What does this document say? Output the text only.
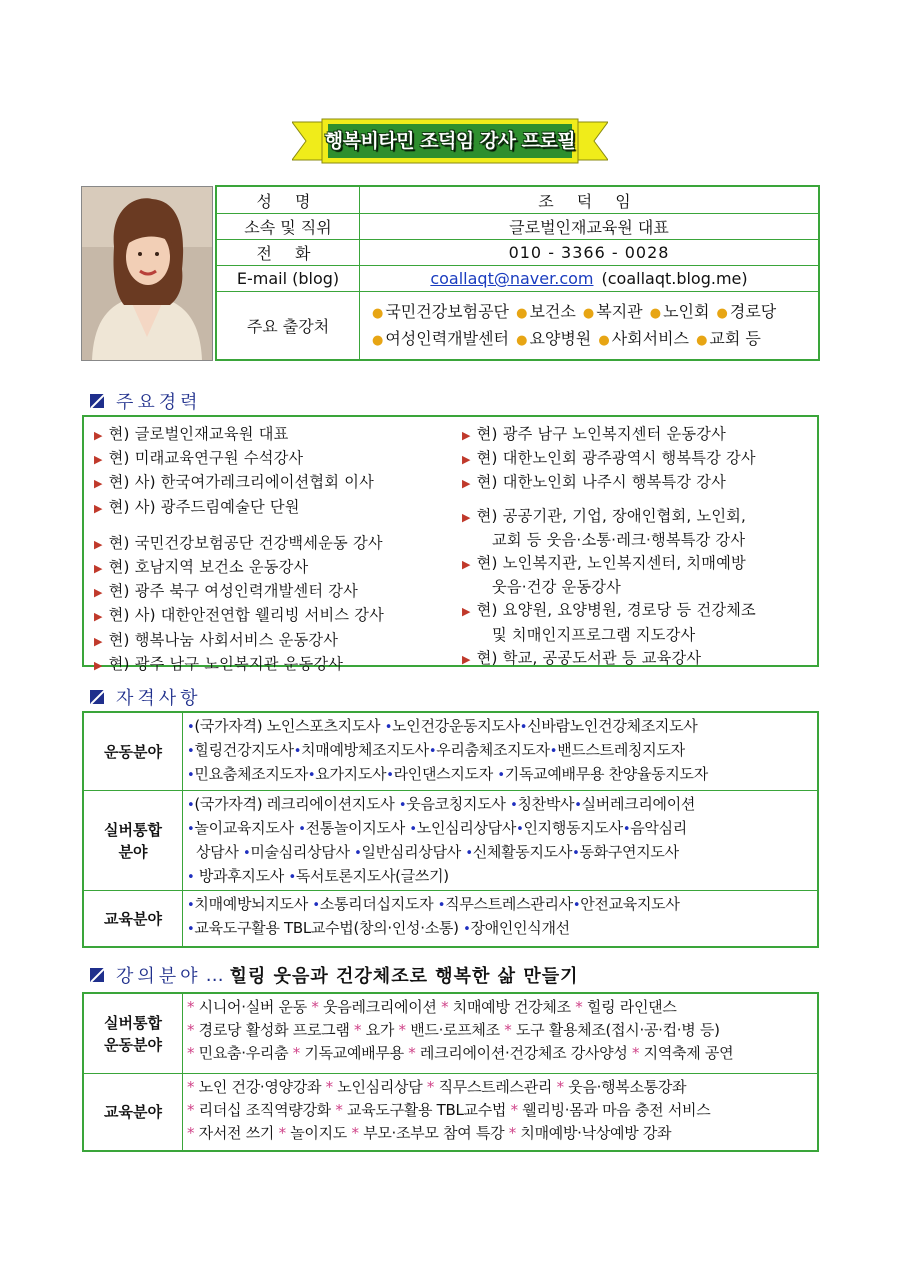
행복비타민 조덕임 강사 프로필
성 명	조 덕 임
소속 및 직위	글로벌인재교육원 대표
전 화	010 - 3366 - 0028
E-mail (blog)	coallaqt@naver.com (coallaqt.blog.me)
주요 출강처
● 국민건강보험공단 ● 보건소 ● 복지관 ● 노인회 ● 경로당
● 여성인력개발센터 ● 요양병원 ● 사회서비스 ● 교회 등
주요경력
▶ 현) 글로벌인재교육원 대표
▶ 현) 미래교육연구원 수석강사
▶ 현) 사) 한국여가레크리에이션협회 이사
▶ 현) 사) 광주드림예술단 단원
▶ 현) 국민건강보험공단 건강백세운동 강사
▶ 현) 호남지역 보건소 운동강사
▶ 현) 광주 북구 여성인력개발센터 강사
▶ 현) 사) 대한안전연합 웰리빙 서비스 강사
▶ 현) 행복나눔 사회서비스 운동강사
▶ 현) 광주 남구 노인복지관 운동강사
▶ 현) 광주 남구 노인복지센터 운동강사
▶ 현) 대한노인회 광주광역시 행복특강 강사
▶ 현) 대한노인회 나주시 행복특강 강사
▶ 현) 공공기관, 기업, 장애인협회, 노인회,
교회 등 웃음·소통·레크·행복특강 강사
▶ 현) 노인복지관, 노인복지센터, 치매예방
웃음·건강 운동강사
▶ 현) 요양원, 요양병원, 경로당 등 건강체조
및 치매인지프로그램 지도강사
▶ 현) 학교, 공공도서관 등 교육강사
자격사항
운동분야
•(국가자격) 노인스포츠지도사 •노인건강운동지도사•신바람노인건강체조지도사
•힐링건강지도사•치매예방체조지도사•우리춤체조지도자•밴드스트레칭지도자
•민요춤체조지도자•요가지도사•라인댄스지도자 •기독교예배무용 찬양율동지도자
실버통합
분야
•(국가자격) 레크리에이션지도사 •웃음코칭지도사 •칭찬박사•실버레크리에이션
•놀이교육지도사 •전통놀이지도사 •노인심리상담사•인지행동지도사•음악심리
상담사 •미술심리상담사 •일반심리상담사 •신체활동지도사•동화구연지도사
• 방과후지도사 •독서토론지도사(글쓰기)
교육분야
•치매예방뇌지도사 •소통리더십지도자 •직무스트레스관리사•안전교육지도사
•교육도구활용 TBL교수법(창의·인성·소통) •장애인인식개선
강의분야 … 힐링 웃음과 건강체조로 행복한 삶 만들기
실버통합
운동분야
* 시니어·실버 운동 * 웃음레크리에이션 * 치매예방 건강체조 * 힐링 라인댄스
* 경로당 활성화 프로그램 * 요가 * 밴드·로프체조 * 도구 활용체조(접시·공·컵·병 등)
* 민요춤·우리춤 * 기독교예배무용 * 레크리에이션·건강체조 강사양성 * 지역축제 공연
교육분야
* 노인 건강·영양강좌 * 노인심리상담 * 직무스트레스관리 * 웃음·행복소통강좌
* 리더십 조직역량강화 * 교육도구활용 TBL교수법 * 웰리빙·몸과 마음 충전 서비스
* 자서전 쓰기 * 놀이지도 * 부모·조부모 참여 특강 * 치매예방·낙상예방 강좌
